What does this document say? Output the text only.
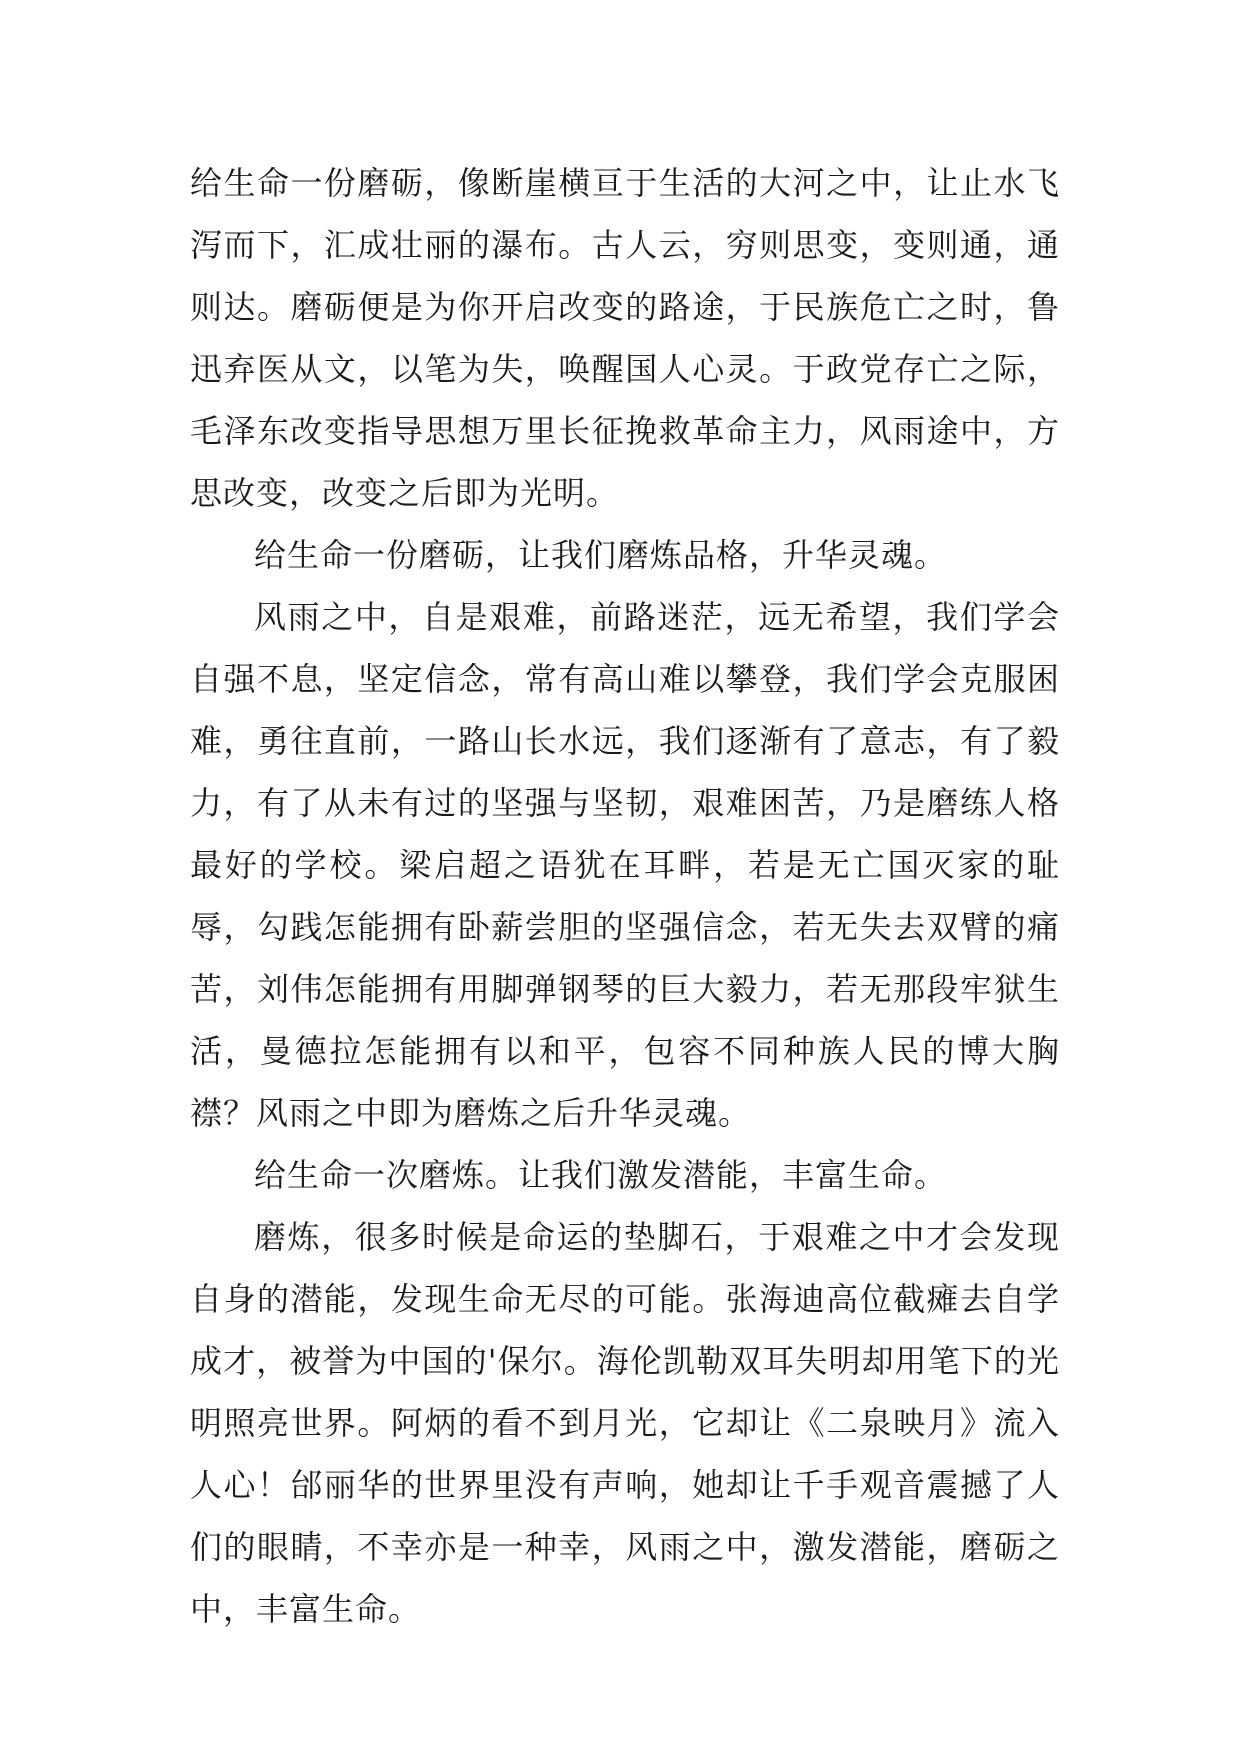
给生命一份磨砺，像断崖横亘于生活的大河之中，让止水飞泻而下，汇成壮丽的瀑布。古人云，穷则思变，变则通，通则达。磨砺便是为你开启改变的路途，于民族危亡之时，鲁迅弃医从文，以笔为失，唤醒国人心灵。于政党存亡之际，毛泽东改变指导思想万里长征挽救革命主力，风雨途中，方思改变，改变之后即为光明。

给生命一份磨砺，让我们磨炼品格，升华灵魂。

风雨之中，自是艰难，前路迷茫，远无希望，我们学会自强不息，坚定信念，常有高山难以攀登，我们学会克服困难，勇往直前，一路山长水远，我们逐渐有了意志，有了毅力，有了从未有过的坚强与坚韧，艰难困苦，乃是磨练人格最好的学校。梁启超之语犹在耳畔，若是无亡国灭家的耻辱，勾践怎能拥有卧薪尝胆的坚强信念，若无失去双臂的痛苦，刘伟怎能拥有用脚弹钢琴的巨大毅力，若无那段牢狱生活，曼德拉怎能拥有以和平，包容不同种族人民的博大胸襟？风雨之中即为磨炼之后升华灵魂。

给生命一次磨炼。让我们激发潜能，丰富生命。

磨炼，很多时候是命运的垫脚石，于艰难之中才会发现自身的潜能，发现生命无尽的可能。张海迪高位截瘫去自学成才，被誉为中国的'保尔。海伦凯勒双耳失明却用笔下的光明照亮世界。阿炳的看不到月光，它却让《二泉映月》流入人心！邰丽华的世界里没有声响，她却让千手观音震撼了人们的眼睛，不幸亦是一种幸，风雨之中，激发潜能，磨砺之中，丰富生命。
